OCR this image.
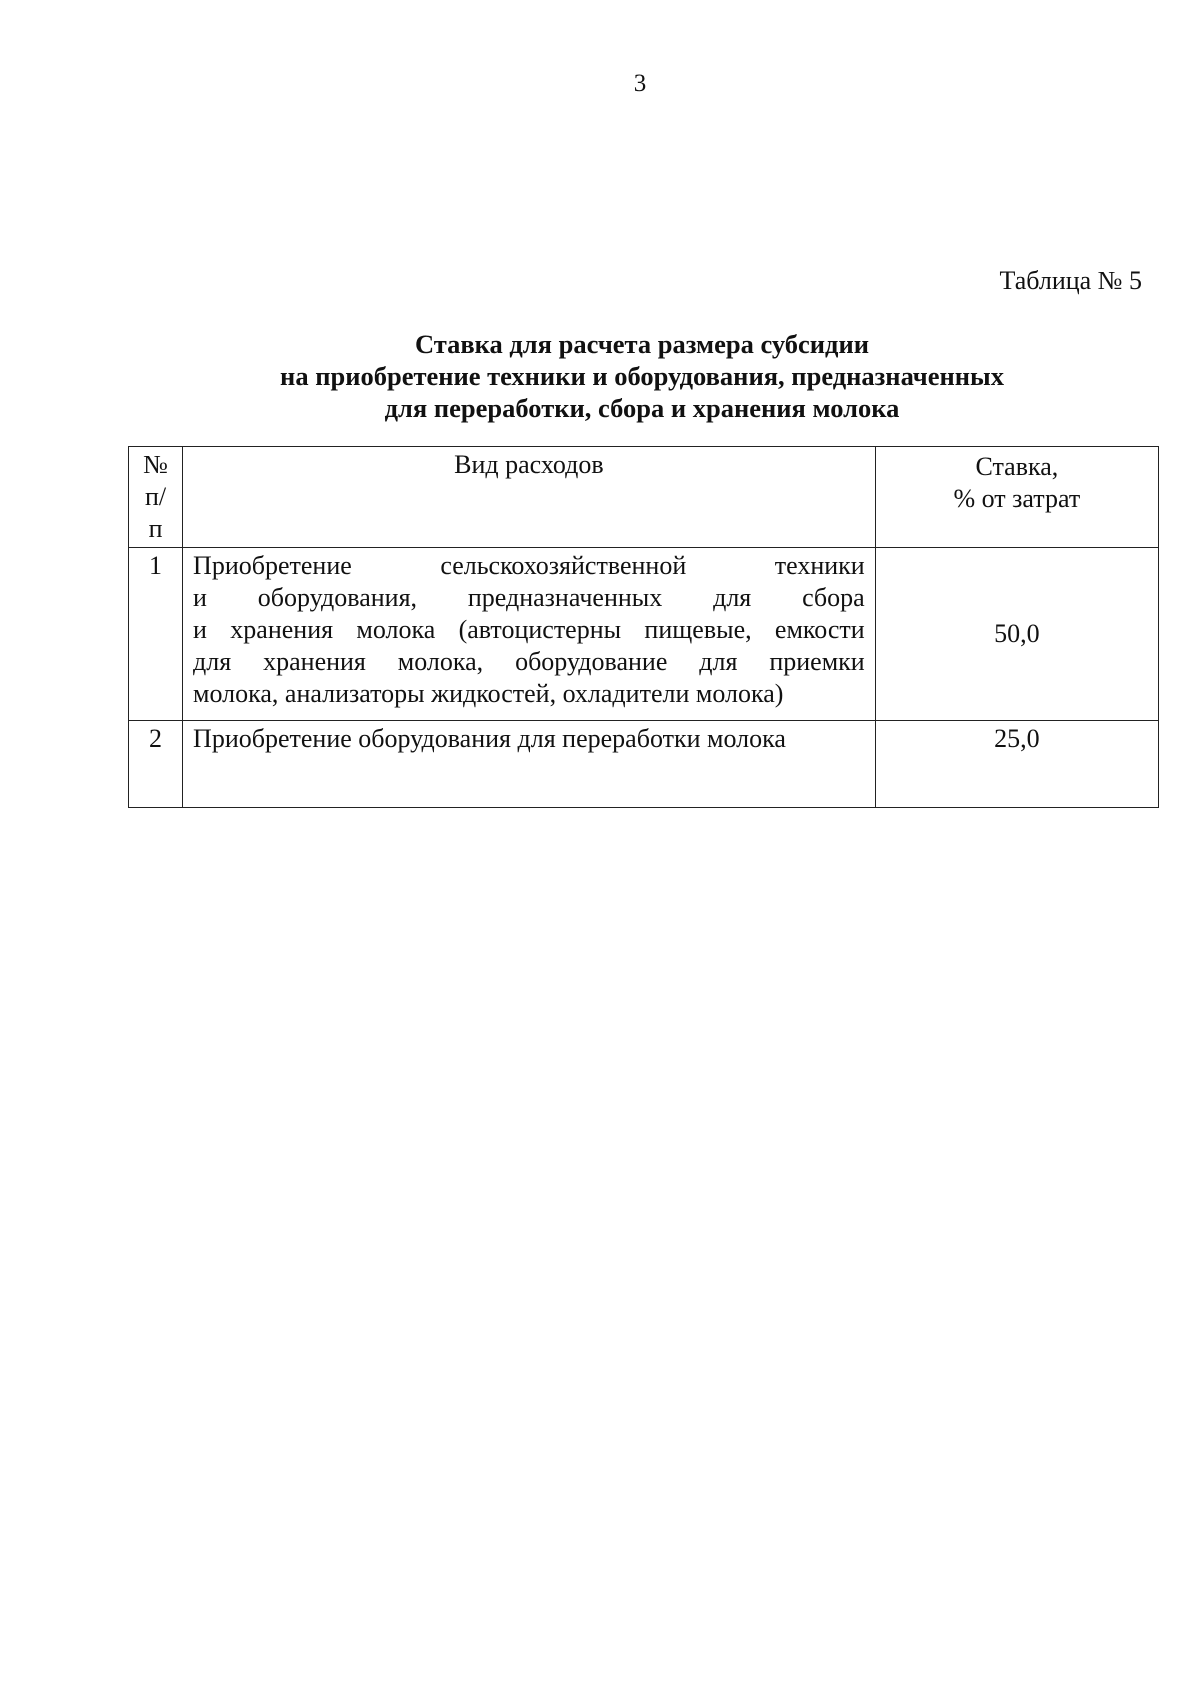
3
Таблица № 5
Ставка для расчета размера субсидии
на приобретение техники и оборудования, предназначенных
для переработки, сбора и хранения молока
№
п/
п	Вид расходов	Ставка,
% от затрат

1	Приобретение сельскохозяйственной техники
и оборудования, предназначенных для сбора
и хранения молока (автоцистерны пищевые, емкости
для хранения молока, оборудование для приемки
молока, анализаторы жидкостей, охладители молока)	50,0
2	Приобретение оборудования для переработки молока	25,0
